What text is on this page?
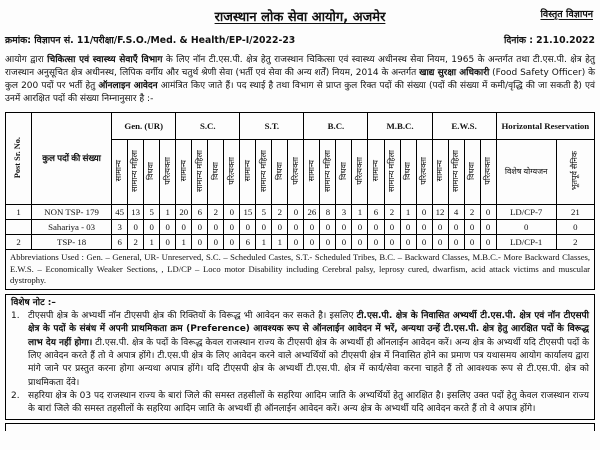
राजस्थान लोक सेवा आयोग, अजमेर	विस्तृत विज्ञापन
क्रमांक: विज्ञापन सं. 11/परीक्षा/F.S.O./Med. & Health/EP-I/2022-23	दिनांक : 21.10.2022
आयोग द्वारा चिकित्सा एवं स्वास्थ्य सेवाएँ विभाग के लिए नॉन टी.एस.पी. क्षेत्र हेतु राजस्थान चिकित्सा एवं स्वास्थ्य अधीनस्थ सेवा नियम, 1965 के अन्तर्गत तथा टी.एस.पी. क्षेत्र हेतु राजस्थान अनुसूचित क्षेत्र अधीनस्थ, लिपिक वर्गीय और चतुर्थ श्रेणी सेवा (भर्ती एवं सेवा की अन्य शर्तें) नियम, 2014 के अन्तर्गत खाद्य सुरक्षा अधिकारी (Food Safety Officer) के कुल 200 पदों पर भर्ती हेतु ऑनलाइन आवेदन आमंत्रित किए जाते हैं। पद स्थाई है तथा विभाग से प्राप्त कुल रिक्त पदों की संख्या (पदों की संख्या में कमी/वृद्धि की जा सकती है) एवं उनमें आरक्षित पदों की संख्या निम्नानुसार है :-
Post Sr. No.	कुल पदों की संख्या	Gen. (UR)				S.C.				S.T.				B.C.				M.B.C.				E.W.S.				Horizontal Reservation	
		सामान्य	सामान्य महिला	विधवा	परित्यक्ता	सामान्य	सामान्य महिला	विधवा	परित्यक्ता	सामान्य	सामान्य महिला	विधवा	परित्यक्ता	सामान्य	सामान्य महिला	विधवा	परित्यक्ता	सामान्य	सामान्य महिला	विधवा	परित्यक्ता	सामान्य	सामान्य महिला	विधवा	परित्यक्ता	विशेष योग्यजन	भूतपूर्व सैनिक
1	NON TSP- 179	45	13	5	1	20	6	2	0	15	5	2	0	26	8	3	1	6	2	1	0	12	4	2	0	LD/CP-7	21
	Sahariya - 03	3	0	0	0	0	0	0	0	0	0	0	0	0	0	0	0	0	0	0	0	0	0	0	0	0	0
2	TSP- 18	6	2	1	0	1	0	0	0	6	1	1	0	0	0	0	0	0	0	0	0	0	0	0	0	LD/CP-1	2
Abbreviations Used : Gen. – General, UR- Unreserved, S.C. – Scheduled Castes, S.T.- Scheduled Tribes, B.C. – Backward Classes, M.B.C.- More Backward Classes, E.W.S. – Economically Weaker Sections, , LD/CP – Loco motor Disability including Cerebral palsy, leprosy cured, dwarfism, acid attack victims and muscular dystrophy.																											
विशेष नोट :–
1. टीएसपी क्षेत्र के अभ्यर्थी नॉन टीएसपी क्षेत्र की रिक्तियों के विरूद्ध भी आवेदन कर सकते है। इसलिए टी.एस.पी. क्षेत्र के निवासित अभ्यर्थी टी.एस.पी. क्षेत्र एवं नॉन टीएसपी क्षेत्र के पदों के संबंध में अपनी प्राथमिकता क्रम (Preference) आवश्यक रूप से ऑनलाईन आवेदन में भरें, अन्यथा उन्हें टी.एस.पी. क्षेत्र हेतु आरक्षित पदों के विरूद्ध लाभ देय नहीं होगा। टी.एस.पी. क्षेत्र के पदों के विरूद्ध केवल राजस्थान राज्य के टीएसपी क्षेत्र के अभ्यर्थी ही ऑनलाईन आवेदन करें। अन्य क्षेत्र के अभ्यर्थी यदि टीएसपी पदों के लिए आवेदन करते हैं तो वे अपात्र होंगे। टी.एस.पी क्षेत्र के लिए आवेदन करने वाले अभ्यर्थियों को टीएसपी क्षेत्र में निवासित होने का प्रमाण पत्र यथासमय आयोग कार्यालय द्वारा मांगे जाने पर प्रस्तुत करना होगा अन्यथा अपात्र होंगे। यदि टीएसपी क्षेत्र के अभ्यर्थी टी.एस.पी. क्षेत्र में कार्य/सेवा करना चाहते हैं तो आवश्यक रूप से टी.एस.पी. क्षेत्र को प्राथमिकता देंवे।
2. सहरिया क्षेत्र के 03 पद राजस्थान राज्य के बारां जिले की समस्त तहसीलों के सहरिया आदिम जाति के अभ्यर्थियों हेतु आरक्षित है। इसलिए उक्त पदों हेतु केवल राजस्थान राज्य के बारां जिले की समस्त तहसीलों के सहरिया आदिम जाति के अभ्यर्थी ही ऑनलाईन आवेदन करें। अन्य क्षेत्र के अभ्यर्थी यदि आवेदन करते हैं तो वे अपात्र होंगे।
